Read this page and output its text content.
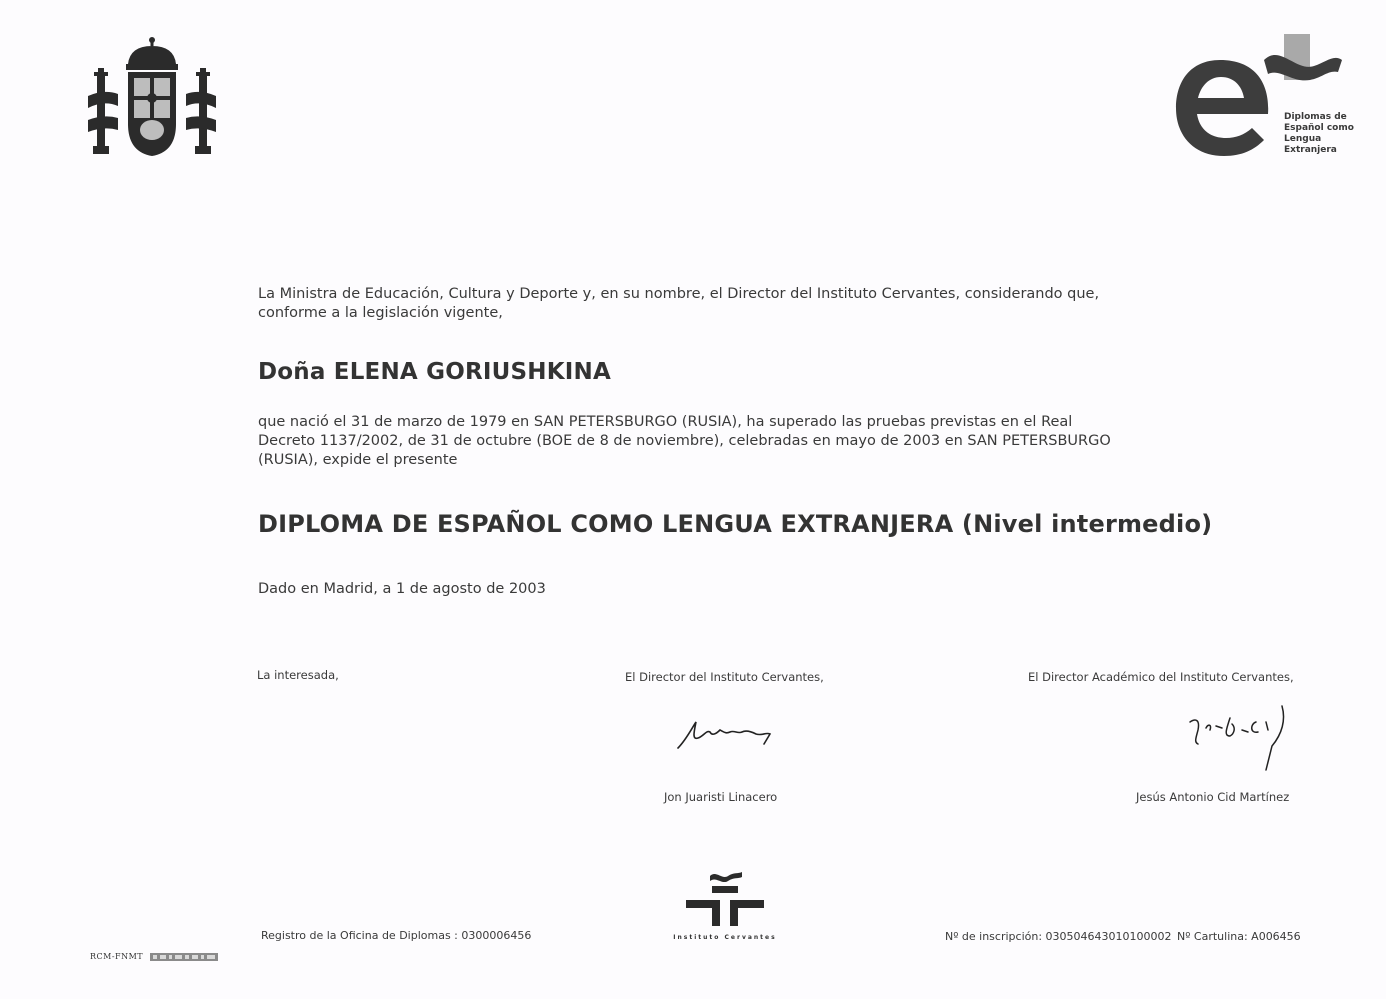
Diplomas de
Español como
Lengua
Extranjera
La Ministra de Educación, Cultura y Deporte y, en su nombre, el Director del Instituto Cervantes, considerando que, conforme a la legislación vigente,
Doña ELENA GORIUSHKINA
que nació el 31 de marzo de 1979 en SAN PETERSBURGO (RUSIA), ha superado las pruebas previstas en el Real Decreto 1137/2002, de 31 de octubre (BOE de 8 de noviembre), celebradas en mayo de 2003 en SAN PETERSBURGO (RUSIA), expide el presente
DIPLOMA DE ESPAÑOL COMO LENGUA EXTRANJERA (Nivel intermedio)
Dado en Madrid, a 1 de agosto de 2003
La interesada,	El Director del Instituto Cervantes,	El Director Académico del Instituto Cervantes,
Jon Juaristi Linacero	Jesús Antonio Cid Martínez
Registro de la Oficina de Diplomas : 0300006456	Instituto Cervantes	Nº de inscripción: 030504643010100002 Nº Cartulina: A006456
RCM-FNMT
